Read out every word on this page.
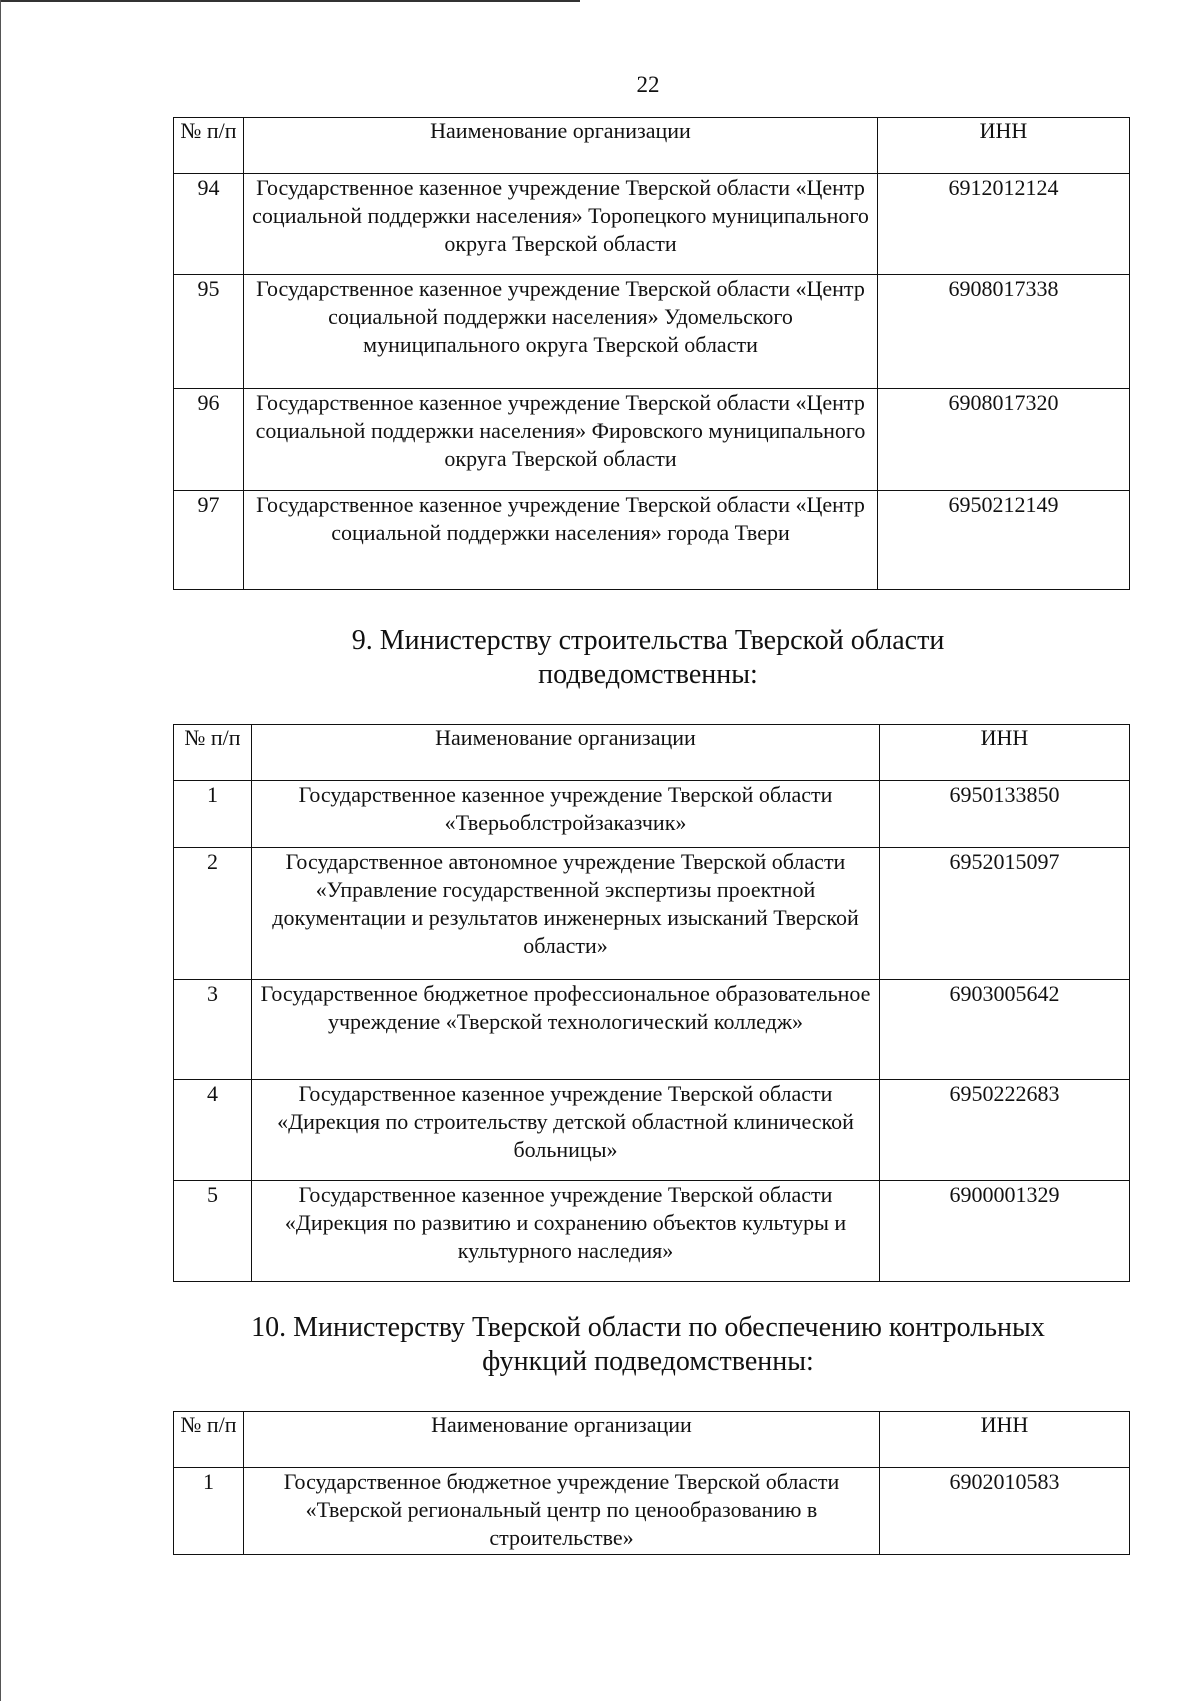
22
№ п/п	Наименование организации	ИНН
94	Государственное казенное учреждение Тверской области «Центр социальной поддержки населения» Торопецкого муниципального округа Тверской области	6912012124
95	Государственное казенное учреждение Тверской области «Центр социальной поддержки населения» Удомельского муниципального округа Тверской области	6908017338
96	Государственное казенное учреждение Тверской области «Центр социальной поддержки населения» Фировского муниципального округа Тверской области	6908017320
97	Государственное казенное учреждение Тверской области «Центр социальной поддержки населения» города Твери	6950212149
9. Министерству строительства Тверской области подведомственны:
№ п/п	Наименование организации	ИНН
1	Государственное казенное учреждение Тверской области «Тверьоблстройзаказчик»	6950133850
2	Государственное автономное учреждение Тверской области «Управление государственной экспертизы проектной документации и результатов инженерных изысканий Тверской области»	6952015097
3	Государственное бюджетное профессиональное образовательное учреждение «Тверской технологический колледж»	6903005642
4	Государственное казенное учреждение Тверской области «Дирекция по строительству детской областной клинической больницы»	6950222683
5	Государственное казенное учреждение Тверской области «Дирекция по развитию и сохранению объектов культуры и культурного наследия»	6900001329
10. Министерству Тверской области по обеспечению контрольных функций подведомственны:
№ п/п	Наименование организации	ИНН
1	Государственное бюджетное учреждение Тверской области «Тверской региональный центр по ценообразованию в строительстве»	6902010583
